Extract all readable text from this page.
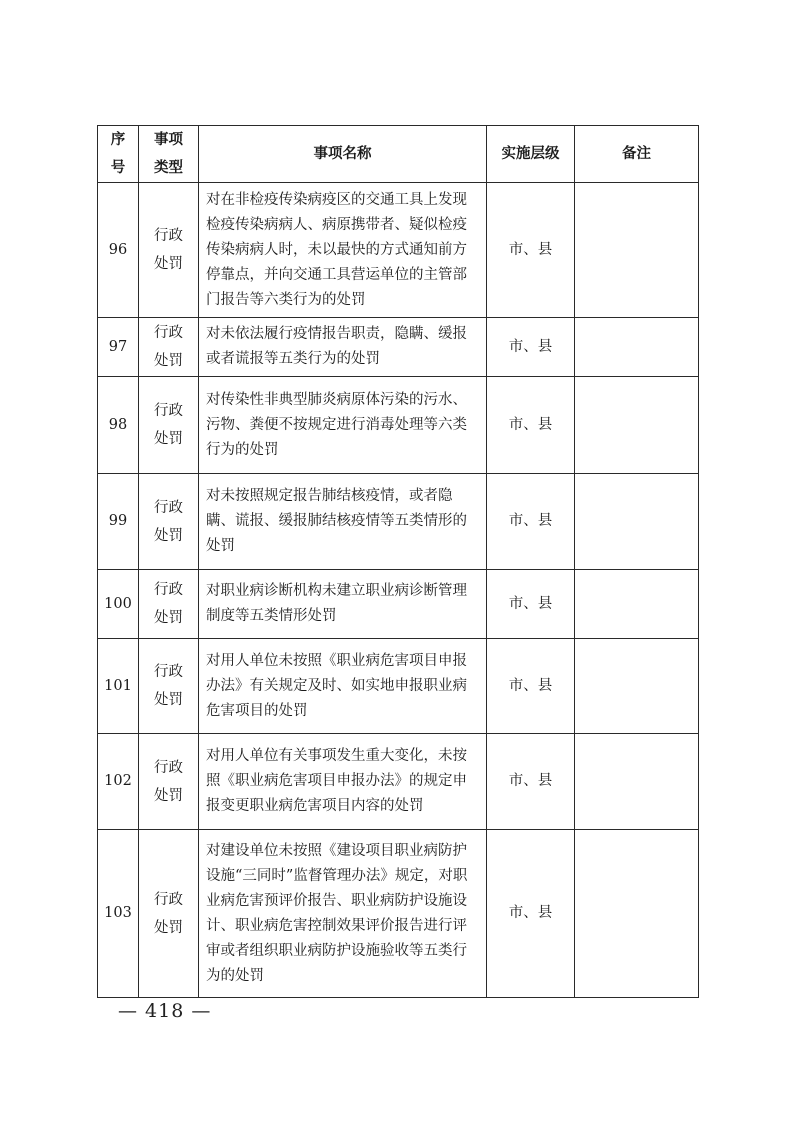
序号	事项类型	事项名称	实施层级	备注
96	行政处罚	对在非检疫传染病疫区的交通工具上发现检疫传染病病人、病原携带者、疑似检疫传染病病人时，未以最快的方式通知前方停靠点，并向交通工具营运单位的主管部门报告等六类行为的处罚	市、县	
97	行政处罚	对未依法履行疫情报告职责，隐瞒、缓报或者谎报等五类行为的处罚	市、县	
98	行政处罚	对传染性非典型肺炎病原体污染的污水、污物、粪便不按规定进行消毒处理等六类行为的处罚	市、县	
99	行政处罚	对未按照规定报告肺结核疫情，或者隐瞒、谎报、缓报肺结核疫情等五类情形的处罚	市、县	
100	行政处罚	对职业病诊断机构未建立职业病诊断管理制度等五类情形处罚	市、县	
101	行政处罚	对用人单位未按照《职业病危害项目申报办法》有关规定及时、如实地申报职业病危害项目的处罚	市、县	
102	行政处罚	对用人单位有关事项发生重大变化，未按照《职业病危害项目申报办法》的规定申报变更职业病危害项目内容的处罚	市、县	
103	行政处罚	对建设单位未按照《建设项目职业病防护设施“三同时”监督管理办法》规定，对职业病危害预评价报告、职业病防护设施设计、职业病危害控制效果评价报告进行评审或者组织职业病防护设施验收等五类行为的处罚	市、县	
— 418 —
